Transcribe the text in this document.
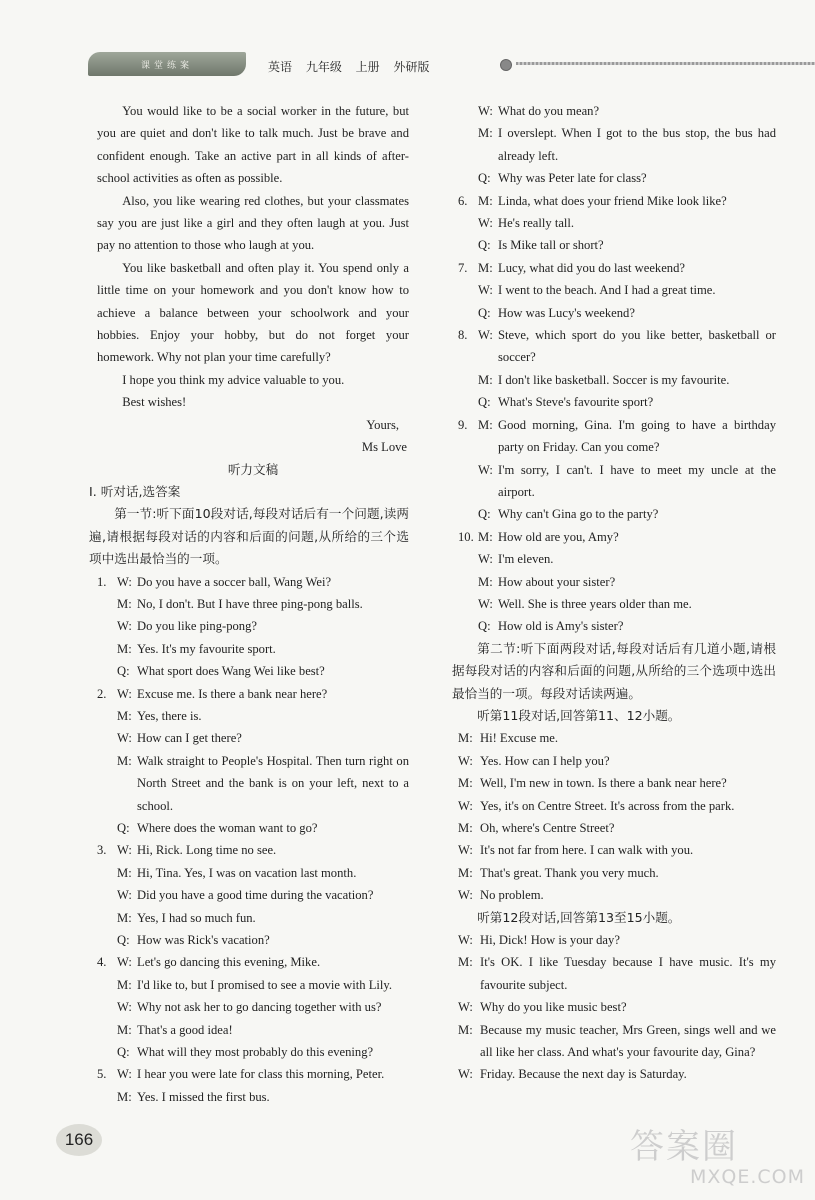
课堂练案	英语 九年级 上册 外研版

You would like to be a social worker in the future, but you are quiet and don't like to talk much. Just be brave and confident enough. Take an active part in all kinds of after-school activities as often as possible.

Also, you like wearing red clothes, but your classmates say you are just like a girl and they often laugh at you. Just pay no attention to those who laugh at you.

You like basketball and often play it. You spend only a little time on your homework and you don't know how to achieve a balance between your schoolwork and your hobbies. Enjoy your hobby, but do not forget your homework. Why not plan your time carefully?

I hope you think my advice valuable to you.

Best wishes!

Yours,

Ms Love

听力文稿

Ⅰ. 听对话,选答案

第一节:听下面10段对话,每段对话后有一个问题,读两遍,请根据每段对话的内容和后面的问题,从所给的三个选项中选出最恰当的一项。

1. W: Do you have a soccer ball, Wang Wei?
M: No, I don't. But I have three ping-pong balls.
W: Do you like ping-pong?
M: Yes. It's my favourite sport.
Q: What sport does Wang Wei like best?
2. W: Excuse me. Is there a bank near here?
M: Yes, there is.
W: How can I get there?
M: Walk straight to People's Hospital. Then turn right on North Street and the bank is on your left, next to a school.
Q: Where does the woman want to go?
3. W: Hi, Rick. Long time no see.
M: Hi, Tina. Yes, I was on vacation last month.
W: Did you have a good time during the vacation?
M: Yes, I had so much fun.
Q: How was Rick's vacation?
4. W: Let's go dancing this evening, Mike.
M: I'd like to, but I promised to see a movie with Lily.
W: Why not ask her to go dancing together with us?
M: That's a good idea!
Q: What will they most probably do this evening?
5. W: I hear you were late for class this morning, Peter.
M: Yes. I missed the first bus.
W: What do you mean?
M: I overslept. When I got to the bus stop, the bus had already left.
Q: Why was Peter late for class?
6. M: Linda, what does your friend Mike look like?
W: He's really tall.
Q: Is Mike tall or short?
7. M: Lucy, what did you do last weekend?
W: I went to the beach. And I had a great time.
Q: How was Lucy's weekend?
8. W: Steve, which sport do you like better, basketball or soccer?
M: I don't like basketball. Soccer is my favourite.
Q: What's Steve's favourite sport?
9. M: Good morning, Gina. I'm going to have a birthday party on Friday. Can you come?
W: I'm sorry, I can't. I have to meet my uncle at the airport.
Q: Why can't Gina go to the party?
10. M: How old are you, Amy?
W: I'm eleven.
M: How about your sister?
W: Well. She is three years older than me.
Q: How old is Amy's sister?

第二节:听下面两段对话,每段对话后有几道小题,请根据每段对话的内容和后面的问题,从所给的三个选项中选出最恰当的一项。每段对话读两遍。

听第11段对话,回答第11、12小题。

M: Hi! Excuse me.
W: Yes. How can I help you?
M: Well, I'm new in town. Is there a bank near here?
W: Yes, it's on Centre Street. It's across from the park.
M: Oh, where's Centre Street?
W: It's not far from here. I can walk with you.
M: That's great. Thank you very much.
W: No problem.

听第12段对话,回答第13至15小题。

W: Hi, Dick! How is your day?
M: It's OK. I like Tuesday because I have music. It's my favourite subject.
W: Why do you like music best?
M: Because my music teacher, Mrs Green, sings well and we all like her class. And what's your favourite day, Gina?
W: Friday. Because the next day is Saturday.
166	答案圈
MXQE.COM
